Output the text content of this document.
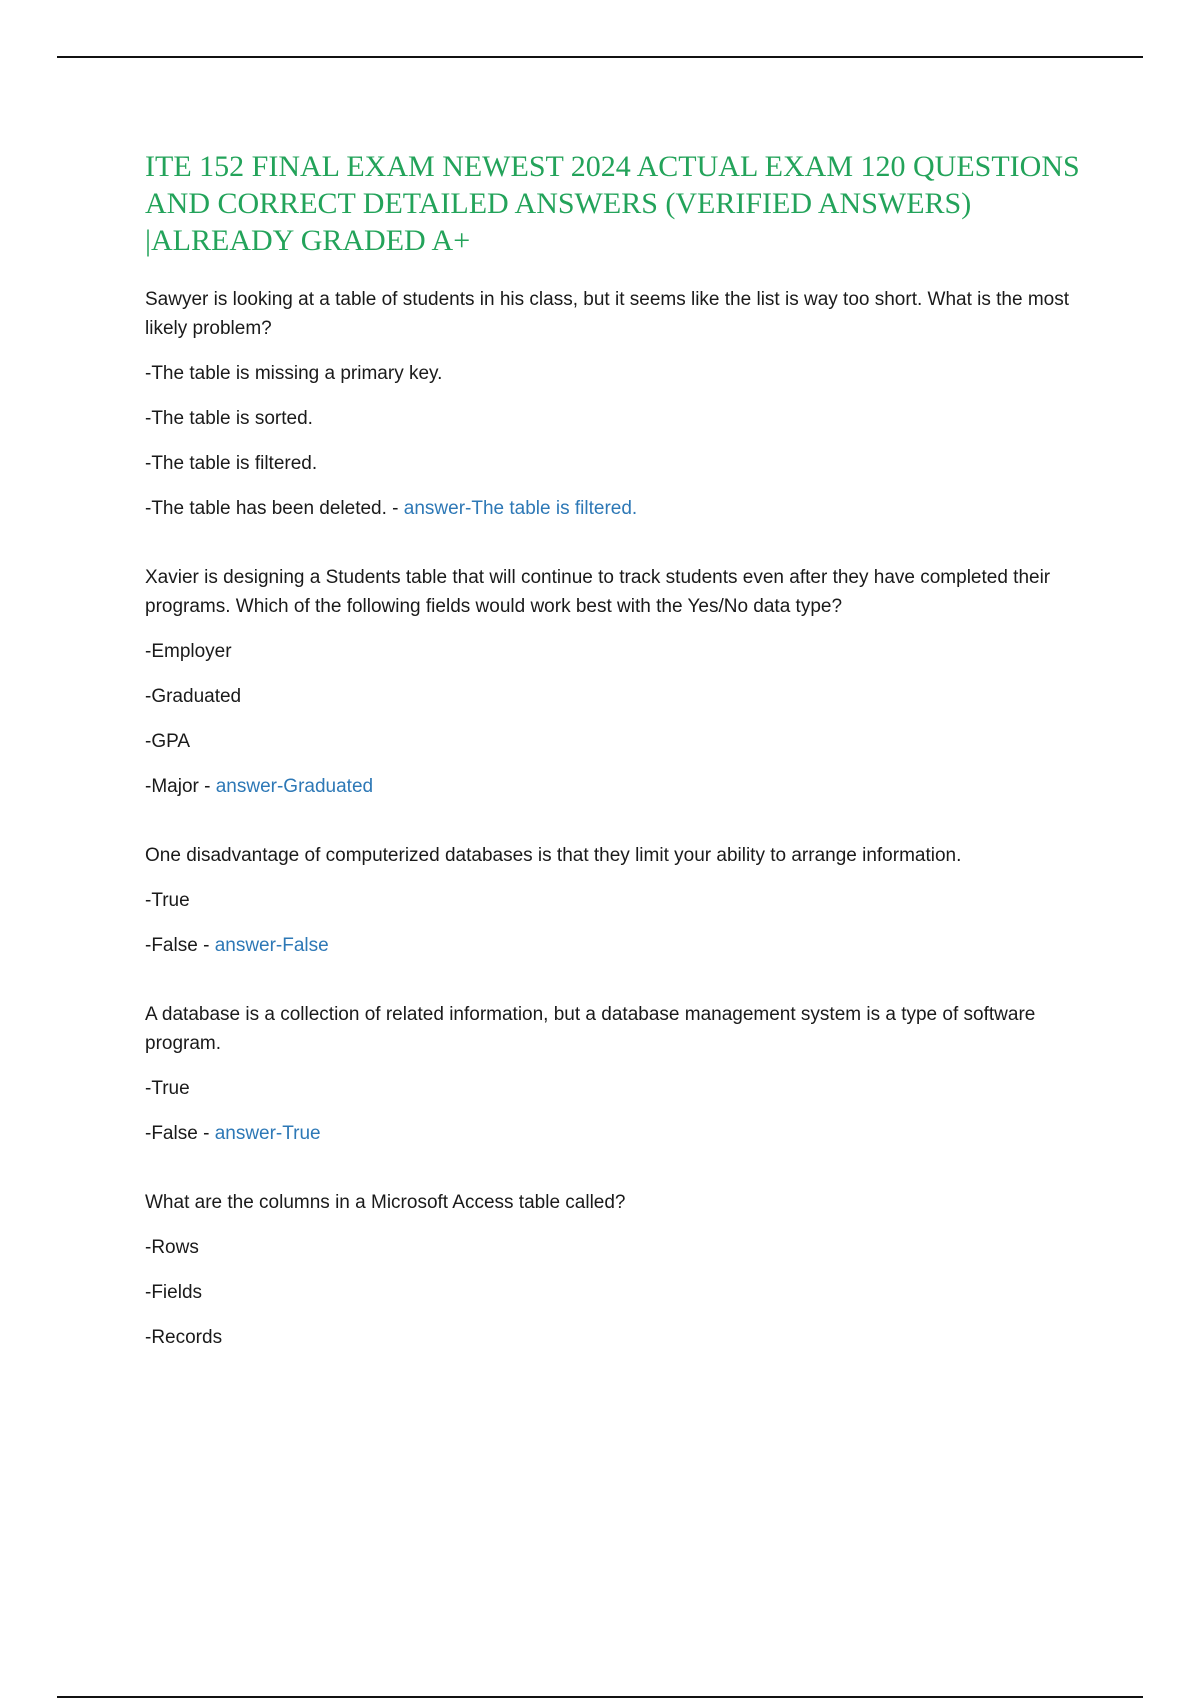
ITE 152 FINAL EXAM NEWEST 2024 ACTUAL EXAM 120 QUESTIONS AND CORRECT DETAILED ANSWERS (VERIFIED ANSWERS) |ALREADY GRADED A+

Sawyer is looking at a table of students in his class, but it seems like the list is way too short. What is the most likely problem?

-The table is missing a primary key.

-The table is sorted.

-The table is filtered.

-The table has been deleted. - answer-The table is filtered.

Xavier is designing a Students table that will continue to track students even after they have completed their programs. Which of the following fields would work best with the Yes/No data type?

-Employer

-Graduated

-GPA

-Major - answer-Graduated

One disadvantage of computerized databases is that they limit your ability to arrange information.

-True

-False - answer-False

A database is a collection of related information, but a database management system is a type of software program.

-True

-False - answer-True

What are the columns in a Microsoft Access table called?

-Rows

-Fields

-Records
